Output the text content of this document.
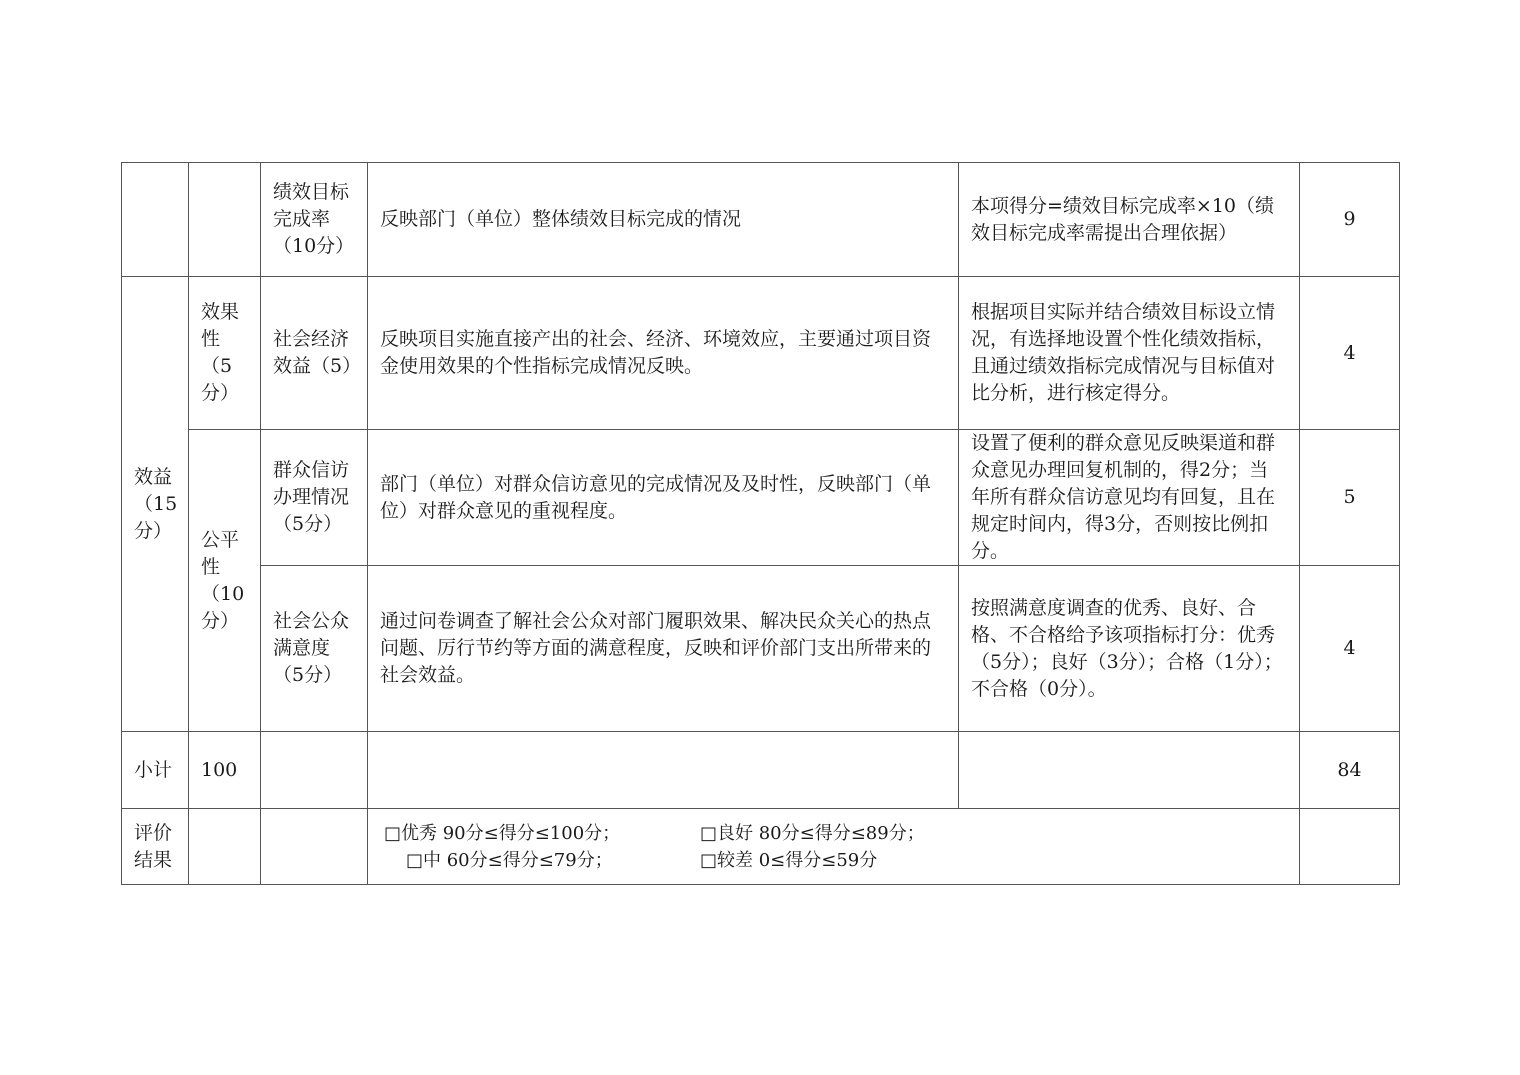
		绩效目标完成率（10分）	反映部门（单位）整体绩效目标完成的情况	本项得分=绩效目标完成率×10（绩效目标完成率需提出合理依据）	9
效益（15分）	效果性（5分）	社会经济效益（5）	反映项目实施直接产出的社会、经济、环境效应，主要通过项目资金使用效果的个性指标完成情况反映。	根据项目实际并结合绩效目标设立情况，有选择地设置个性化绩效指标，且通过绩效指标完成情况与目标值对比分析，进行核定得分。	4
	公平性（10分）	群众信访办理情况（5分）	部门（单位）对群众信访意见的完成情况及及时性，反映部门（单位）对群众意见的重视程度。	设置了便利的群众意见反映渠道和群众意见办理回复机制的，得2分；当年所有群众信访意见均有回复，且在规定时间内，得3分，否则按比例扣分。	5
		社会公众满意度（5分）	通过问卷调查了解社会公众对部门履职效果、解决民众关心的热点问题、厉行节约等方面的满意程度，反映和评价部门支出所带来的社会效益。	按照满意度调查的优秀、良好、合格、不合格给予该项指标打分：优秀（5分）；良好（3分）；合格（1分）；不合格（0分）。	4
小计	100				84
评价结果			□优秀 90分≤得分≤100分； □良好 80分≤得分≤89分；
□中 60分≤得分≤79分； □较差 0≤得分≤59分		
